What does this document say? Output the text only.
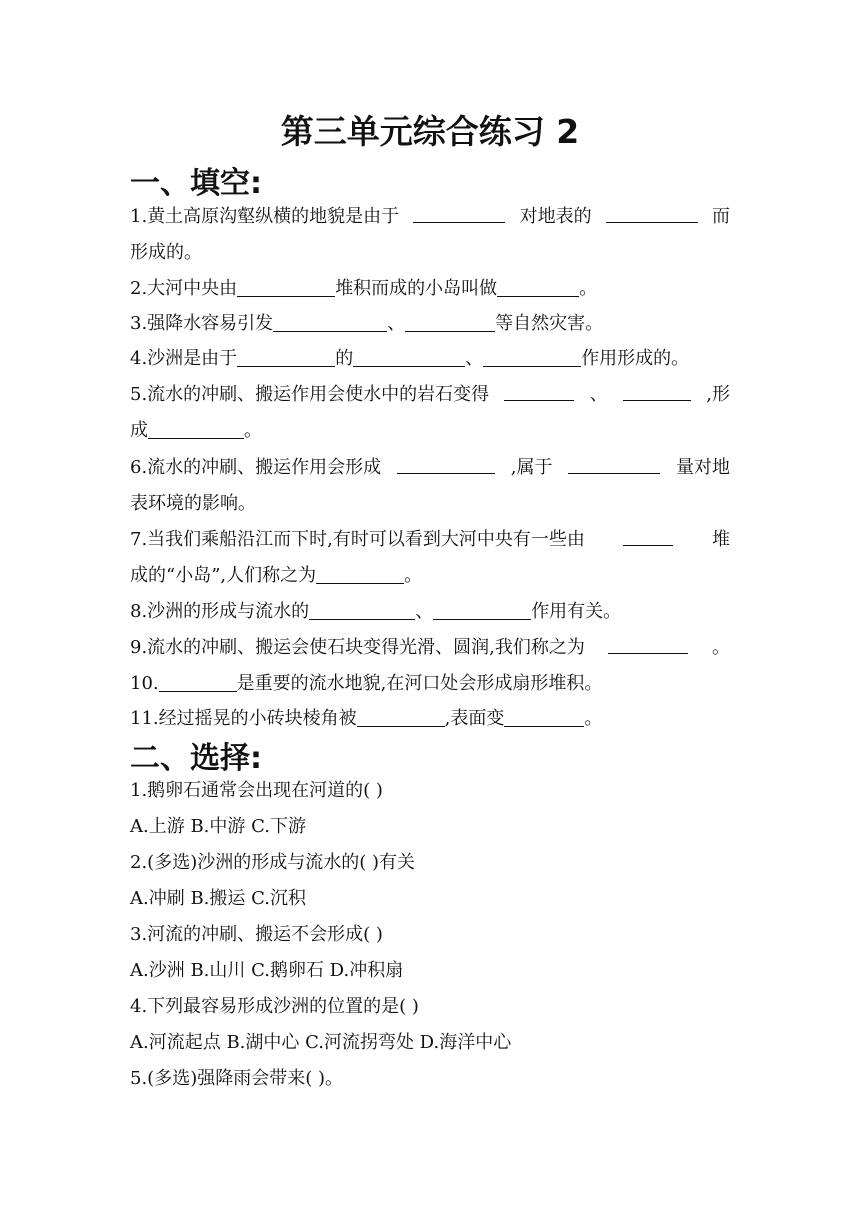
第三单元综合练习 2
一、填空:
1.黄土高原沟壑纵横的地貌是由于	对地表的	而
形成的。
2.大河中央由	堆积而成的小岛叫做	。
3.强降水容易引发	、	等自然灾害。
4.沙洲是由于	的	、	作用形成的。
5.流水的冲刷、搬运作用会使水中的岩石变得	、	,形
成	。
6.流水的冲刷、搬运作用会形成	,属于	量对地
表环境的影响。
7.当我们乘船沿江而下时,有时可以看到大河中央有一些由	堆
成的“小岛”,人们称之为	。
8.沙洲的形成与流水的	、	作用有关。
9.流水的冲刷、搬运会使石块变得光滑、圆润,我们称之为	。
10.	是重要的流水地貌,在河口处会形成扇形堆积。
11.经过摇晃的小砖块棱角被	,表面变	。
二、选择:
1.鹅卵石通常会出现在河道的( )
A.上游 B.中游 C.下游
2.(多选)沙洲的形成与流水的( )有关
A.冲刷 B.搬运 C.沉积
3.河流的冲刷、搬运不会形成( )
A.沙洲 B.山川 C.鹅卵石 D.冲积扇
4.下列最容易形成沙洲的位置的是( )
A.河流起点 B.湖中心 C.河流拐弯处 D.海洋中心
5.(多选)强降雨会带来( )。
